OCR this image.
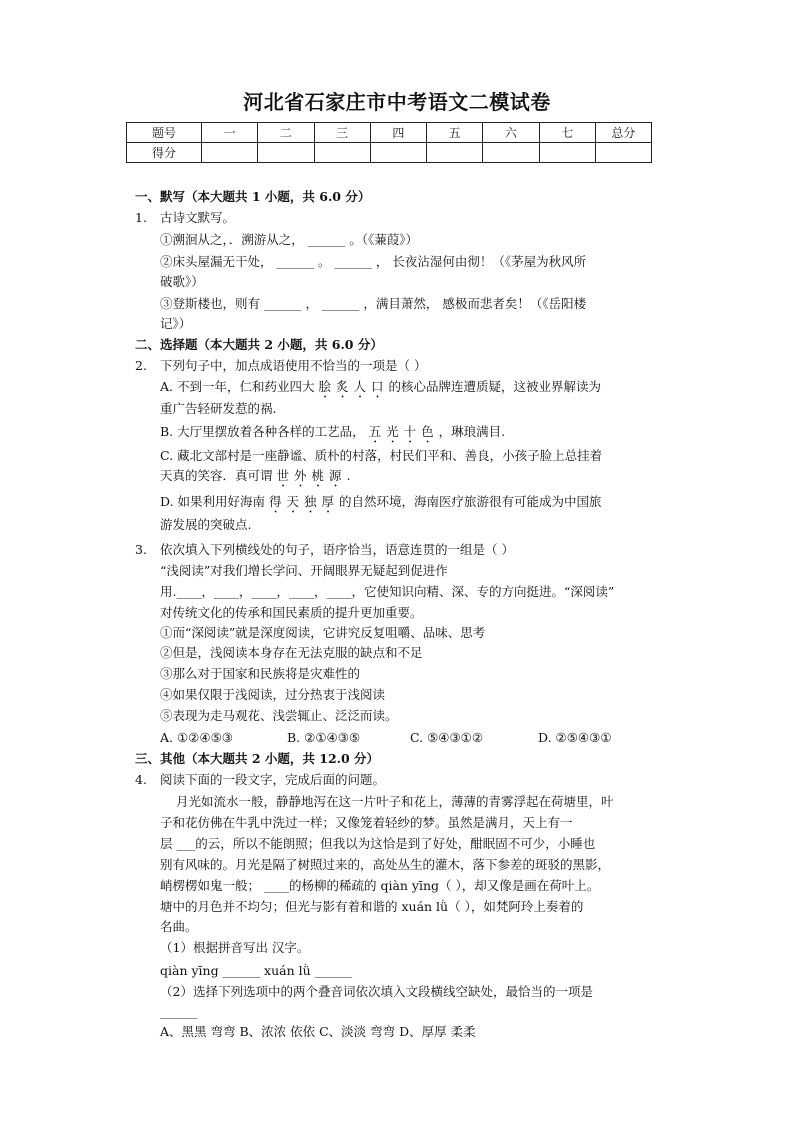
河北省石家庄市中考语文二模试卷
题号	一	二	三	四	五	六	七	总分
得分								
一、默写（本大题共 1 小题，共 6.0 分）
1. 古诗文默写。
①溯洄从之，．溯游从之， ______ 。（《蒹葭》）
②床头屋漏无干处， ______ 。 ______ ， 长夜沾湿何由彻！（《茅屋为秋风所
破歌》）
③登斯楼也，则有 ______ ， ______ ，满目萧然， 感极而悲者矣！（《岳阳楼
记》）
二、选择题（本大题共 2 小题，共 6.0 分）
2. 下列句子中，加点成语使用不恰当的一项是（ ）
A. 不到一年，仁和药业四大 脍炙人口的核心品牌连遭质疑，这被业界解读为
重广告轻研发惹的祸.
B. 大厅里摆放着各种各样的工艺品， 五光十色，琳琅满目.
C. 藏北文部村是一座静谧、质朴的村落，村民们平和、善良，小孩子脸上总挂着
天真的笑容．真可谓 世外桃源.
D. 如果利用好海南 得天独厚的自然环境，海南医疗旅游很有可能成为中国旅
游发展的突破点.
3. 依次填入下列横线处的句子，语序恰当，语意连贯的一组是（ ）
“浅阅读”对我们增长学问、开阔眼界无疑起到促进作
用.____，____，____，____，____，它使知识向精、深、专的方向挺进。“深阅读”
对传统文化的传承和国民素质的提升更加重要。
①而“深阅读”就是深度阅读，它讲究反复咀嚼、品味、思考
②但是，浅阅读本身存在无法克服的缺点和不足
③那么对于国家和民族将是灾难性的
④如果仅限于浅阅读，过分热衷于浅阅读
⑤表现为走马观花、浅尝辄止、泛泛而读。
A. ①②④⑤③	B. ②①④③⑤	C. ⑤④③①②	D. ②⑤④③①
三、其他（本大题共 2 小题，共 12.0 分）
4. 阅读下面的一段文字，完成后面的问题。
月光如流水一般，静静地泻在这一片叶子和花上，薄薄的青雾浮起在荷塘里，叶
子和花仿佛在牛乳中洗过一样；又像笼着轻纱的梦。虽然是满月，天上有一
层 ___的云，所以不能朗照；但我以为这恰是到了好处，酣眠固不可少，小睡也
别有风味的。月光是隔了树照过来的，高处丛生的灌木，落下参差的斑驳的黑影，
峭楞楞如鬼一般； ____的杨柳的稀疏的 qiàn yīng（ ），却又像是画在荷叶上。
塘中的月色并不均匀；但光与影有着和谐的 xuán lǜ（ ），如梵阿玲上奏着的
名曲。
（1）根据拼音写出 汉字。
qiàn yīng ______ xuán lǜ ______
（2）选择下列选项中的两个叠音词依次填入文段横线空缺处，最恰当的一项是
______
A、黑黑 弯弯 B、浓浓 依依 C、淡淡 弯弯 D、厚厚 柔柔
